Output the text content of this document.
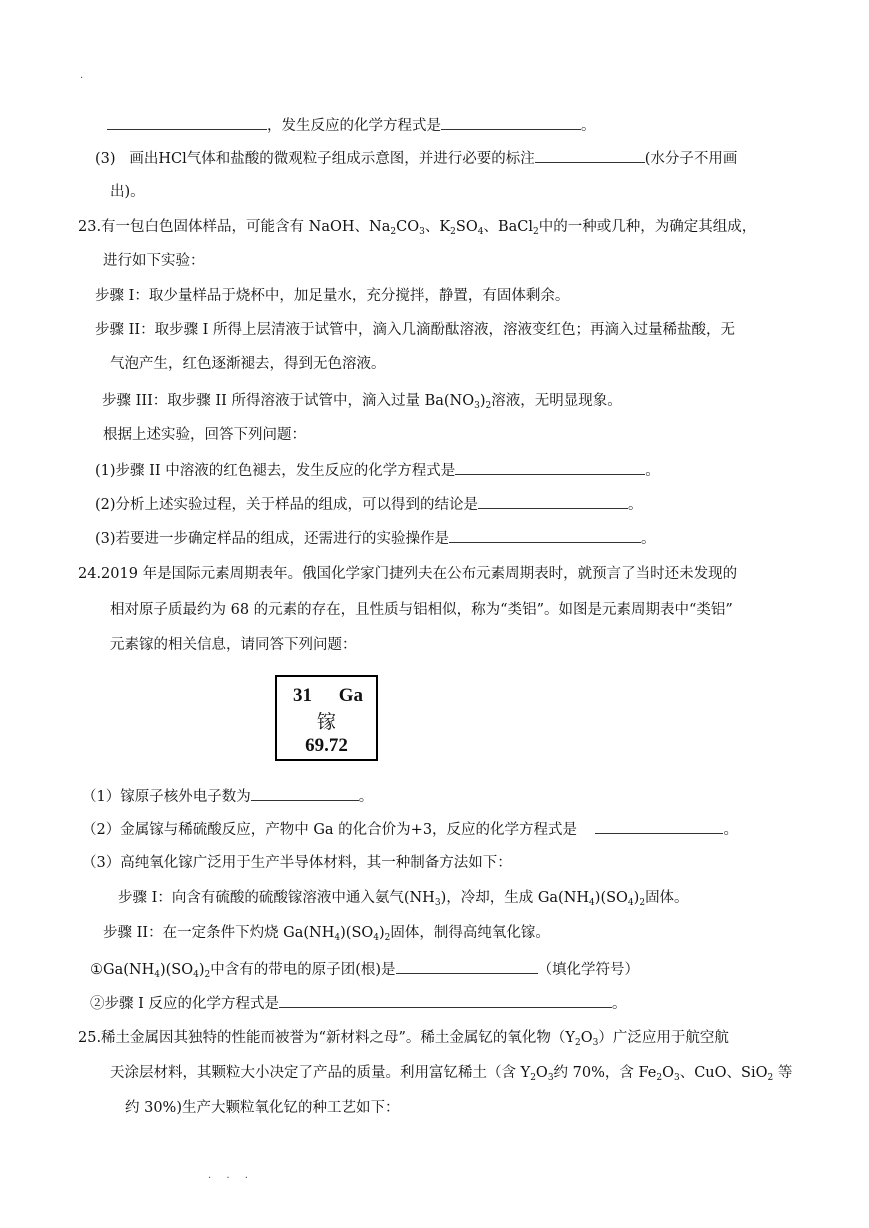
.
，发生反应的化学方程式是	。
(3) 画出HCl气体和盐酸的微观粒子组成示意图，并进行必要的标注	(水分子不用画
出)。
23.有一包白色固体样品，可能含有 NaOH、$Na_2CO_3$、$K_2SO_4$、BaCl$_2$中的一种或几种，为确定其组成，
进行如下实验：
步骤 I：取少量样品于烧杯中，加足量水，充分搅拌，静置，有固体剩余。
步骤 II：取步骤 I 所得上层清液于试管中，滴入几滴酚酞溶液，溶液变红色；再滴入过量稀盐酸，无
气泡产生，红色逐渐褪去，得到无色溶液。
步骤 III：取步骤 II 所得溶液于试管中，滴入过量 $Ba(NO_3)_2$溶液，无明显现象。
根据上述实验，回答下列问题：
(1)步骤 II 中溶液的红色褪去，发生反应的化学方程式是	。
(2)分析上述实验过程，关于样品的组成，可以得到的结论是	。
(3)若要进一步确定样品的组成，还需进行的实验操作是	。
24.2019 年是国际元素周期表年。俄国化学家门捷列夫在公布元素周期表时，就预言了当时还未发现的
相对原子质最约为 68 的元素的存在，且性质与铝相似，称为“类铝”。如图是元素周期表中“类铝”
元素镓的相关信息，请同答下列问题：
31 Ga
镓
69.72
（1）镓原子核外电子数为	。
（2）金属镓与稀硫酸反应，产物中 Ga 的化合价为+3，反应的化学方程式是	。
（3）高纯氧化镓广泛用于生产半导体材料，其一种制备方法如下：
步骤 I：向含有硫酸的硫酸镓溶液中通入氨气$(NH_3)$，冷却，生成 $Ga(NH_4)(SO_4)_2$固体。
步骤 II：在一定条件下灼烧 $Ga(NH_4)(SO_4)_2$固体，制得高纯氧化镓。
$①Ga(NH_4)(SO_4)_2$中含有的带电的原子团(根)是	（填化学符号）
②步骤 I 反应的化学方程式是	。
25.稀土金属因其独特的性能而被誉为“新材料之母”。稀土金属钇的氧化物$(Y_2O_3)$广泛应用于航空航
天涂层材料，其颗粒大小决定了产品的质量。利用富钇稀土（含 $Y_2O_3$约 70%，含 $Fe_2O_3$、CuO、SiO$_2$ 等
约 30%)生产大颗粒氧化钇的种工艺如下：
. . .
